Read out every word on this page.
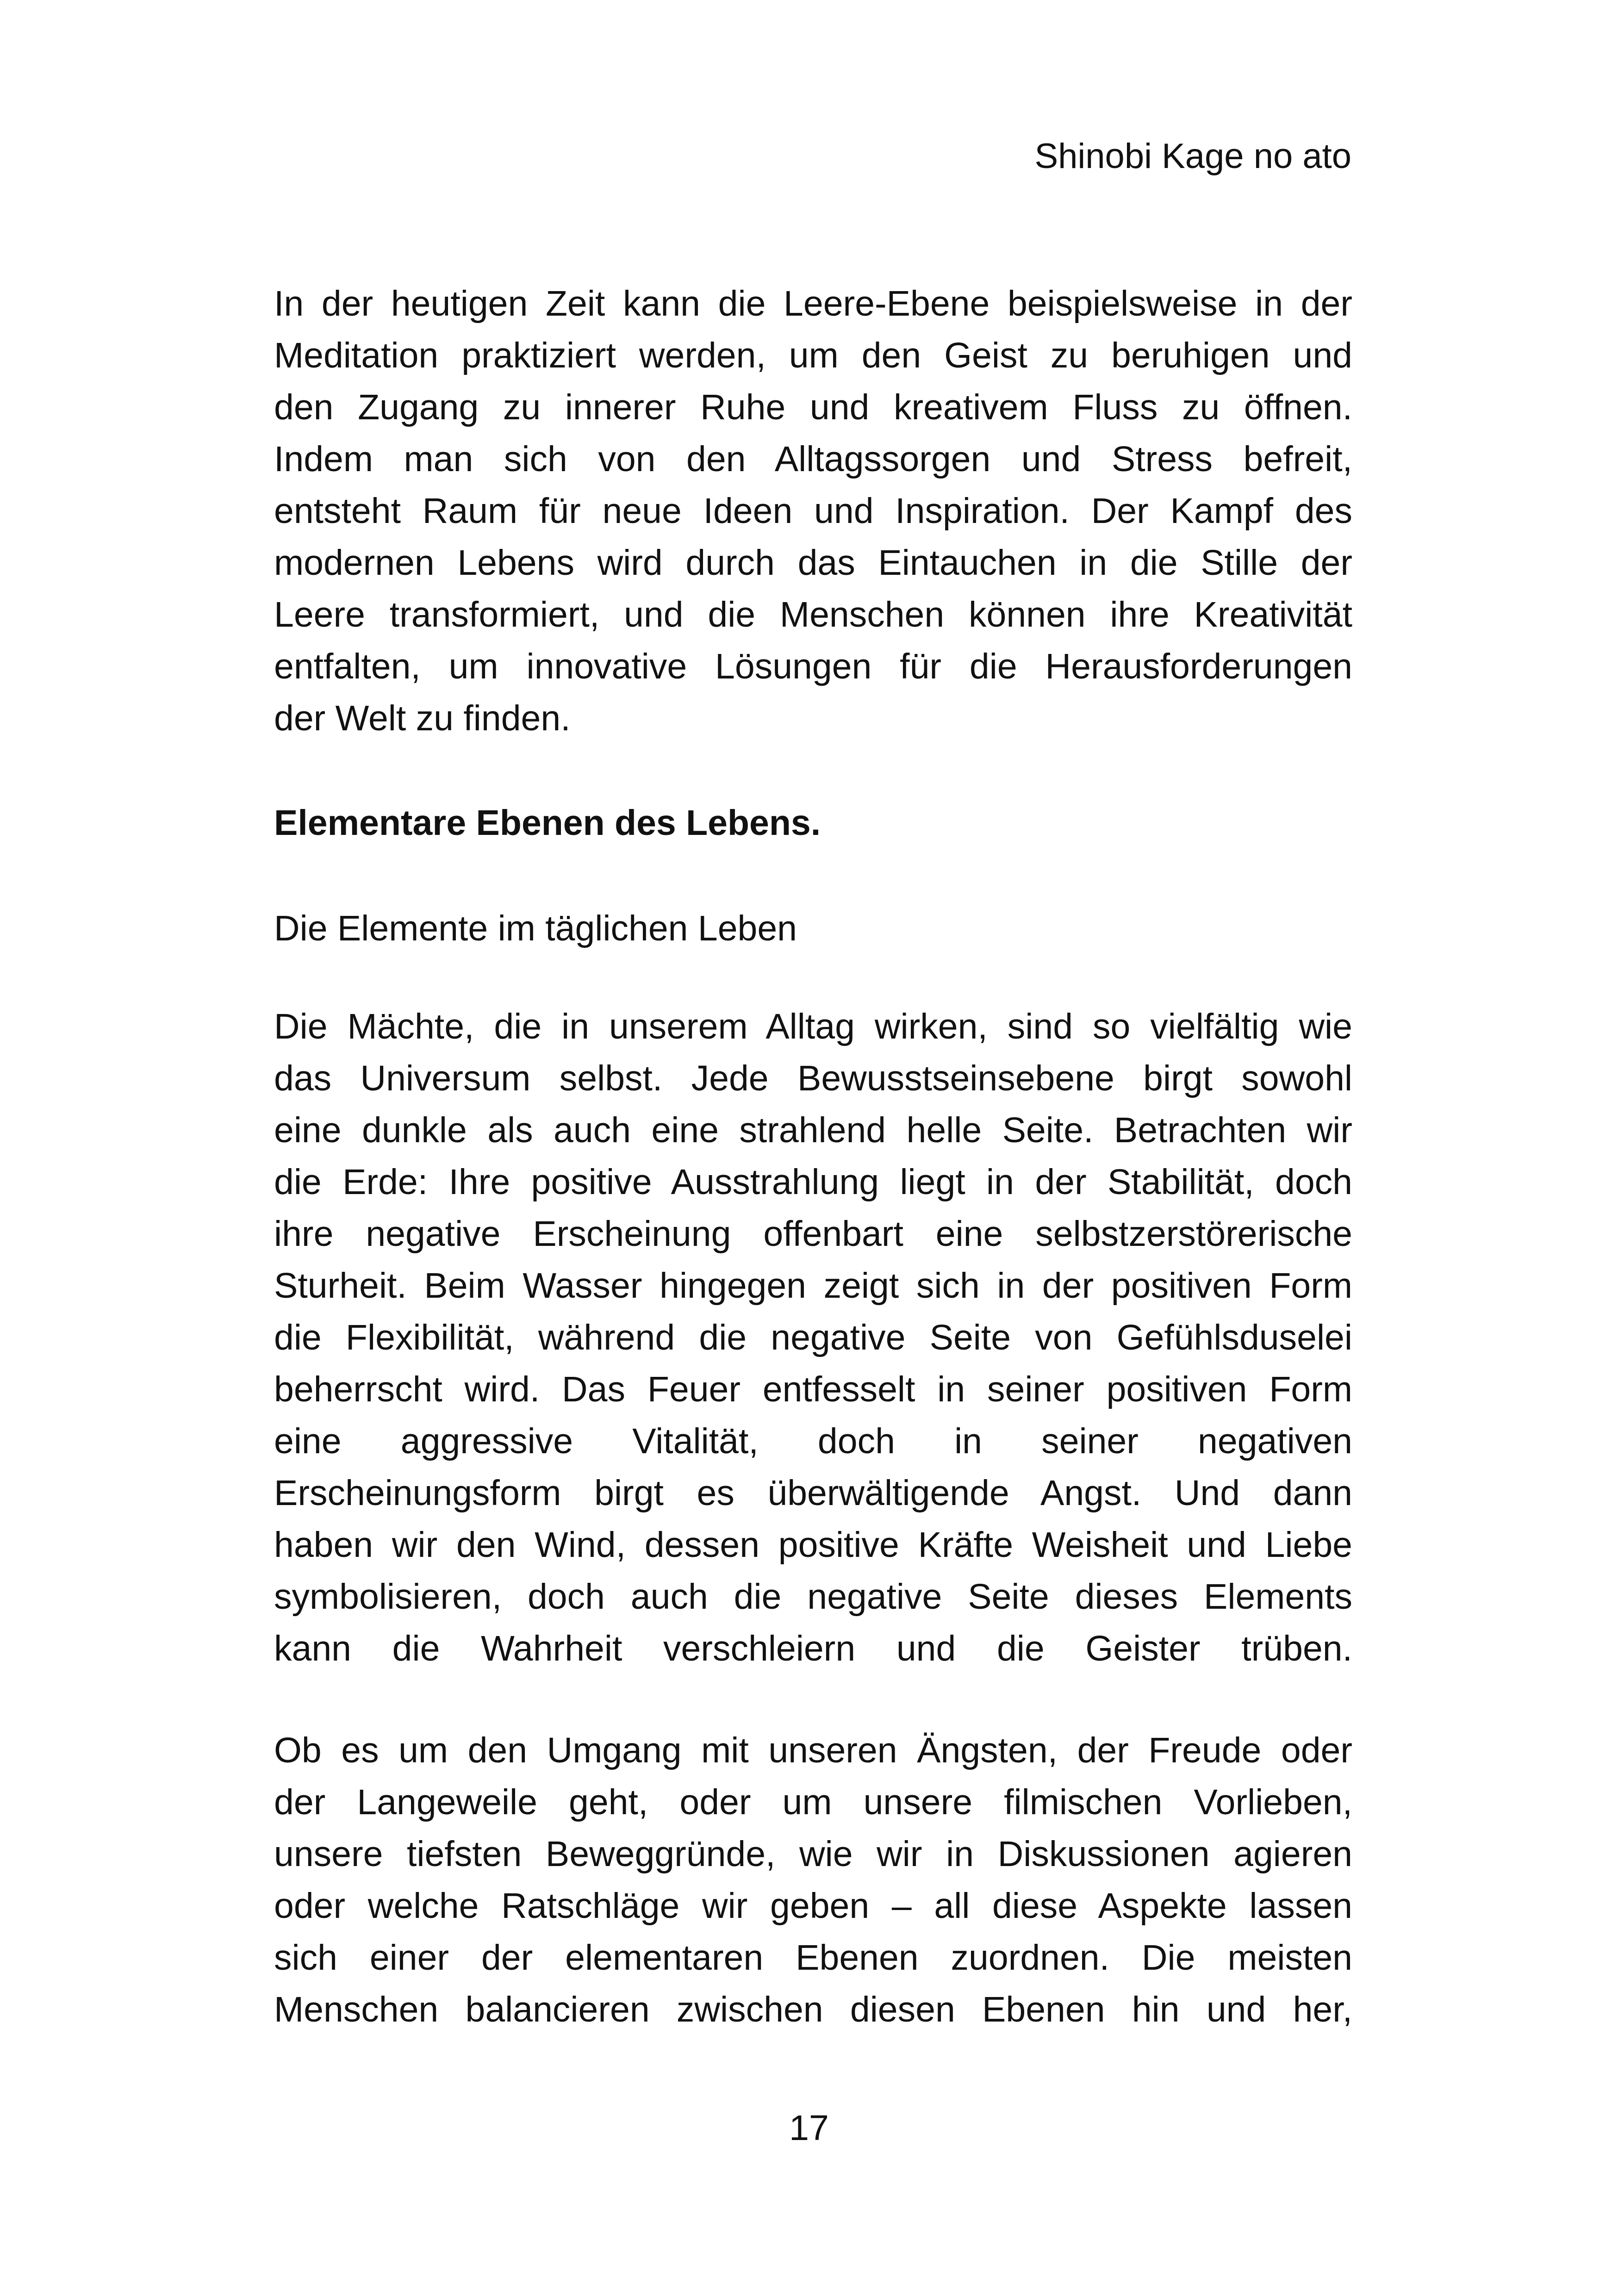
Shinobi Kage no ato
In der heutigen Zeit kann die Leere-Ebene beispielsweise in der
Meditation praktiziert werden, um den Geist zu beruhigen und
den Zugang zu innerer Ruhe und kreativem Fluss zu öffnen.
Indem man sich von den Alltagssorgen und Stress befreit,
entsteht Raum für neue Ideen und Inspiration. Der Kampf des
modernen Lebens wird durch das Eintauchen in die Stille der
Leere transformiert, und die Menschen können ihre Kreativität
entfalten, um innovative Lösungen für die Herausforderungen
der Welt zu finden.
Elementare Ebenen des Lebens.
Die Elemente im täglichen Leben
Die Mächte, die in unserem Alltag wirken, sind so vielfältig wie
das Universum selbst. Jede Bewusstseinsebene birgt sowohl
eine dunkle als auch eine strahlend helle Seite. Betrachten wir
die Erde: Ihre positive Ausstrahlung liegt in der Stabilität, doch
ihre negative Erscheinung offenbart eine selbstzerstörerische
Sturheit. Beim Wasser hingegen zeigt sich in der positiven Form
die Flexibilität, während die negative Seite von Gefühlsduselei
beherrscht wird. Das Feuer entfesselt in seiner positiven Form
eine aggressive Vitalität, doch in seiner negativen
Erscheinungsform birgt es überwältigende Angst. Und dann
haben wir den Wind, dessen positive Kräfte Weisheit und Liebe
symbolisieren, doch auch die negative Seite dieses Elements
kann die Wahrheit verschleiern und die Geister trüben.
Ob es um den Umgang mit unseren Ängsten, der Freude oder
der Langeweile geht, oder um unsere filmischen Vorlieben,
unsere tiefsten Beweggründe, wie wir in Diskussionen agieren
oder welche Ratschläge wir geben – all diese Aspekte lassen
sich einer der elementaren Ebenen zuordnen. Die meisten
Menschen balancieren zwischen diesen Ebenen hin und her,
17
